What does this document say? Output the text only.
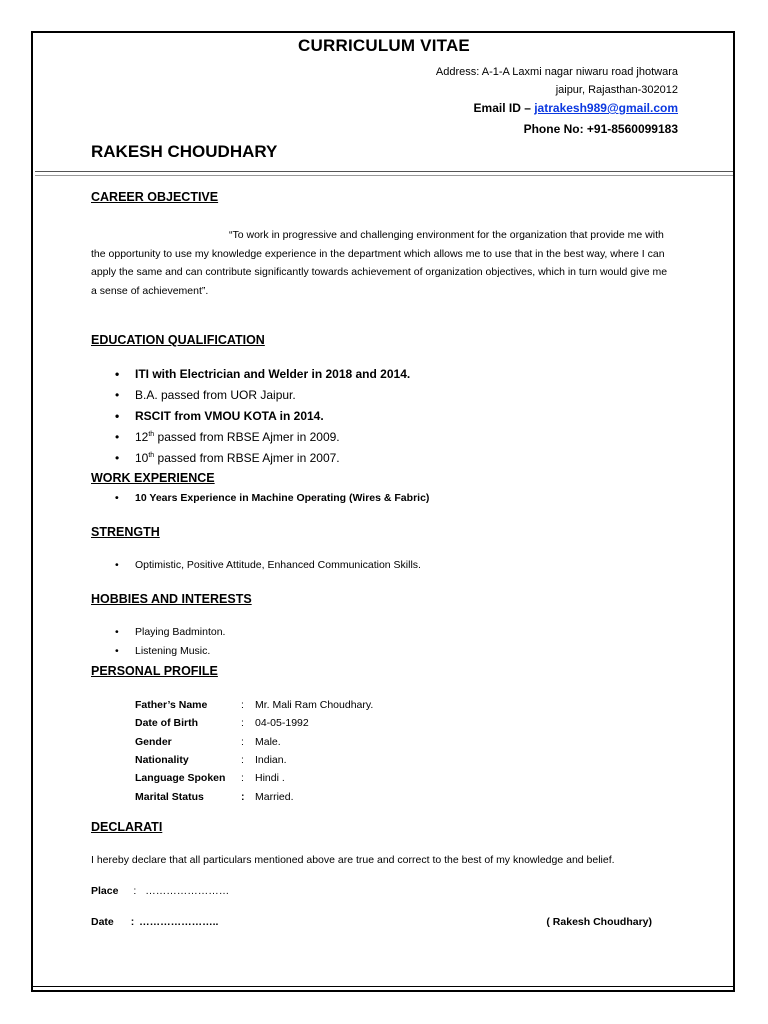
CURRICULUM VITAE
Address: A-1-A Laxmi nagar niwaru road jhotwara
jaipur, Rajasthan-302012
Email ID – jatrakesh989@gmail.com
Phone No: +91-8560099183
RAKESH CHOUDHARY
CAREER OBJECTIVE
“To work in progressive and challenging environment for the organization that provide me with the opportunity to use my knowledge experience in the department which allows me to use that in the best way, where I can apply the same and can contribute significantly towards achievement of organization objectives, which in turn would give me a sense of achievement”.
EDUCATION QUALIFICATION
• ITI with Electrician and Welder in 2018 and 2014.
• B.A. passed from UOR Jaipur.
• RSCIT from VMOU KOTA in 2014.
• 12th passed from RBSE Ajmer in 2009.
• 10th passed from RBSE Ajmer in 2007.
WORK EXPERIENCE
• 10 Years Experience in Machine Operating (Wires & Fabric)
STRENGTH
• Optimistic, Positive Attitude, Enhanced Communication Skills.
HOBBIES AND INTERESTS
• Playing Badminton.
• Listening Music.
PERSONAL PROFILE
Father’s Name	:	Mr. Mali Ram Choudhary.
Date of Birth	:	04-05-1992
Gender	:	Male.
Nationality	:	Indian.
Language Spoken	:	Hindi .
Marital Status	:	Married.
DECLARATI
I hereby declare that all particulars mentioned above are true and correct to the best of my knowledge and belief.
Place : ……………………
Date : …………………..	( Rakesh Choudhary)
